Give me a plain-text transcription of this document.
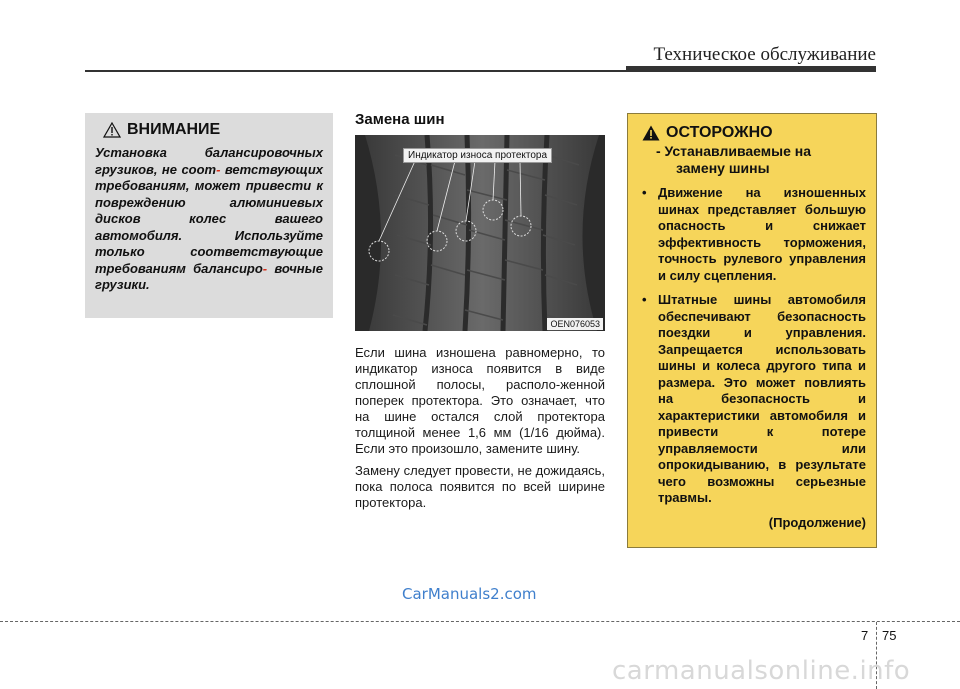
Техническое обслуживание
ВНИМАНИЕ
Установка балансировочных грузиков, не соот- ветствующих требованиям, может привести к повреждению алюминиевых дисков колес вашего автомобиля. Используйте только соответствующие требованиям балансиро- вочные грузики.
Замена шин
Индикатор износа протектора
OEN076053

Если шина изношена равномерно, то индикатор износа появится в виде сплошной полосы, располо-женной поперек протектора. Это означает, что на шине остался слой протектора толщиной менее 1,6 мм (1/16 дюйма). Если это произошло, замените шину.

Замену следует провести, не дожидаясь, пока полоса появится по всей ширине протектора.

ОСТОРОЖНО
- Устанавливаемые на
замену шины
• Движение на изношенных шинах представляет большую опасность и снижает эффективность торможения, точность рулевого управления и силу сцепления.
• Штатные шины автомобиля обеспечивают безопасность поездки и управления. Запрещается использовать шины и колеса другого типа и размера. Это может повлиять на безопасность и характеристики автомобиля и привести к потере управляемости или опрокидыванию, в результате чего возможны серьезные травмы.
(Продолжение)
CarManuals2.com
7 75
carmanualsonline.info
